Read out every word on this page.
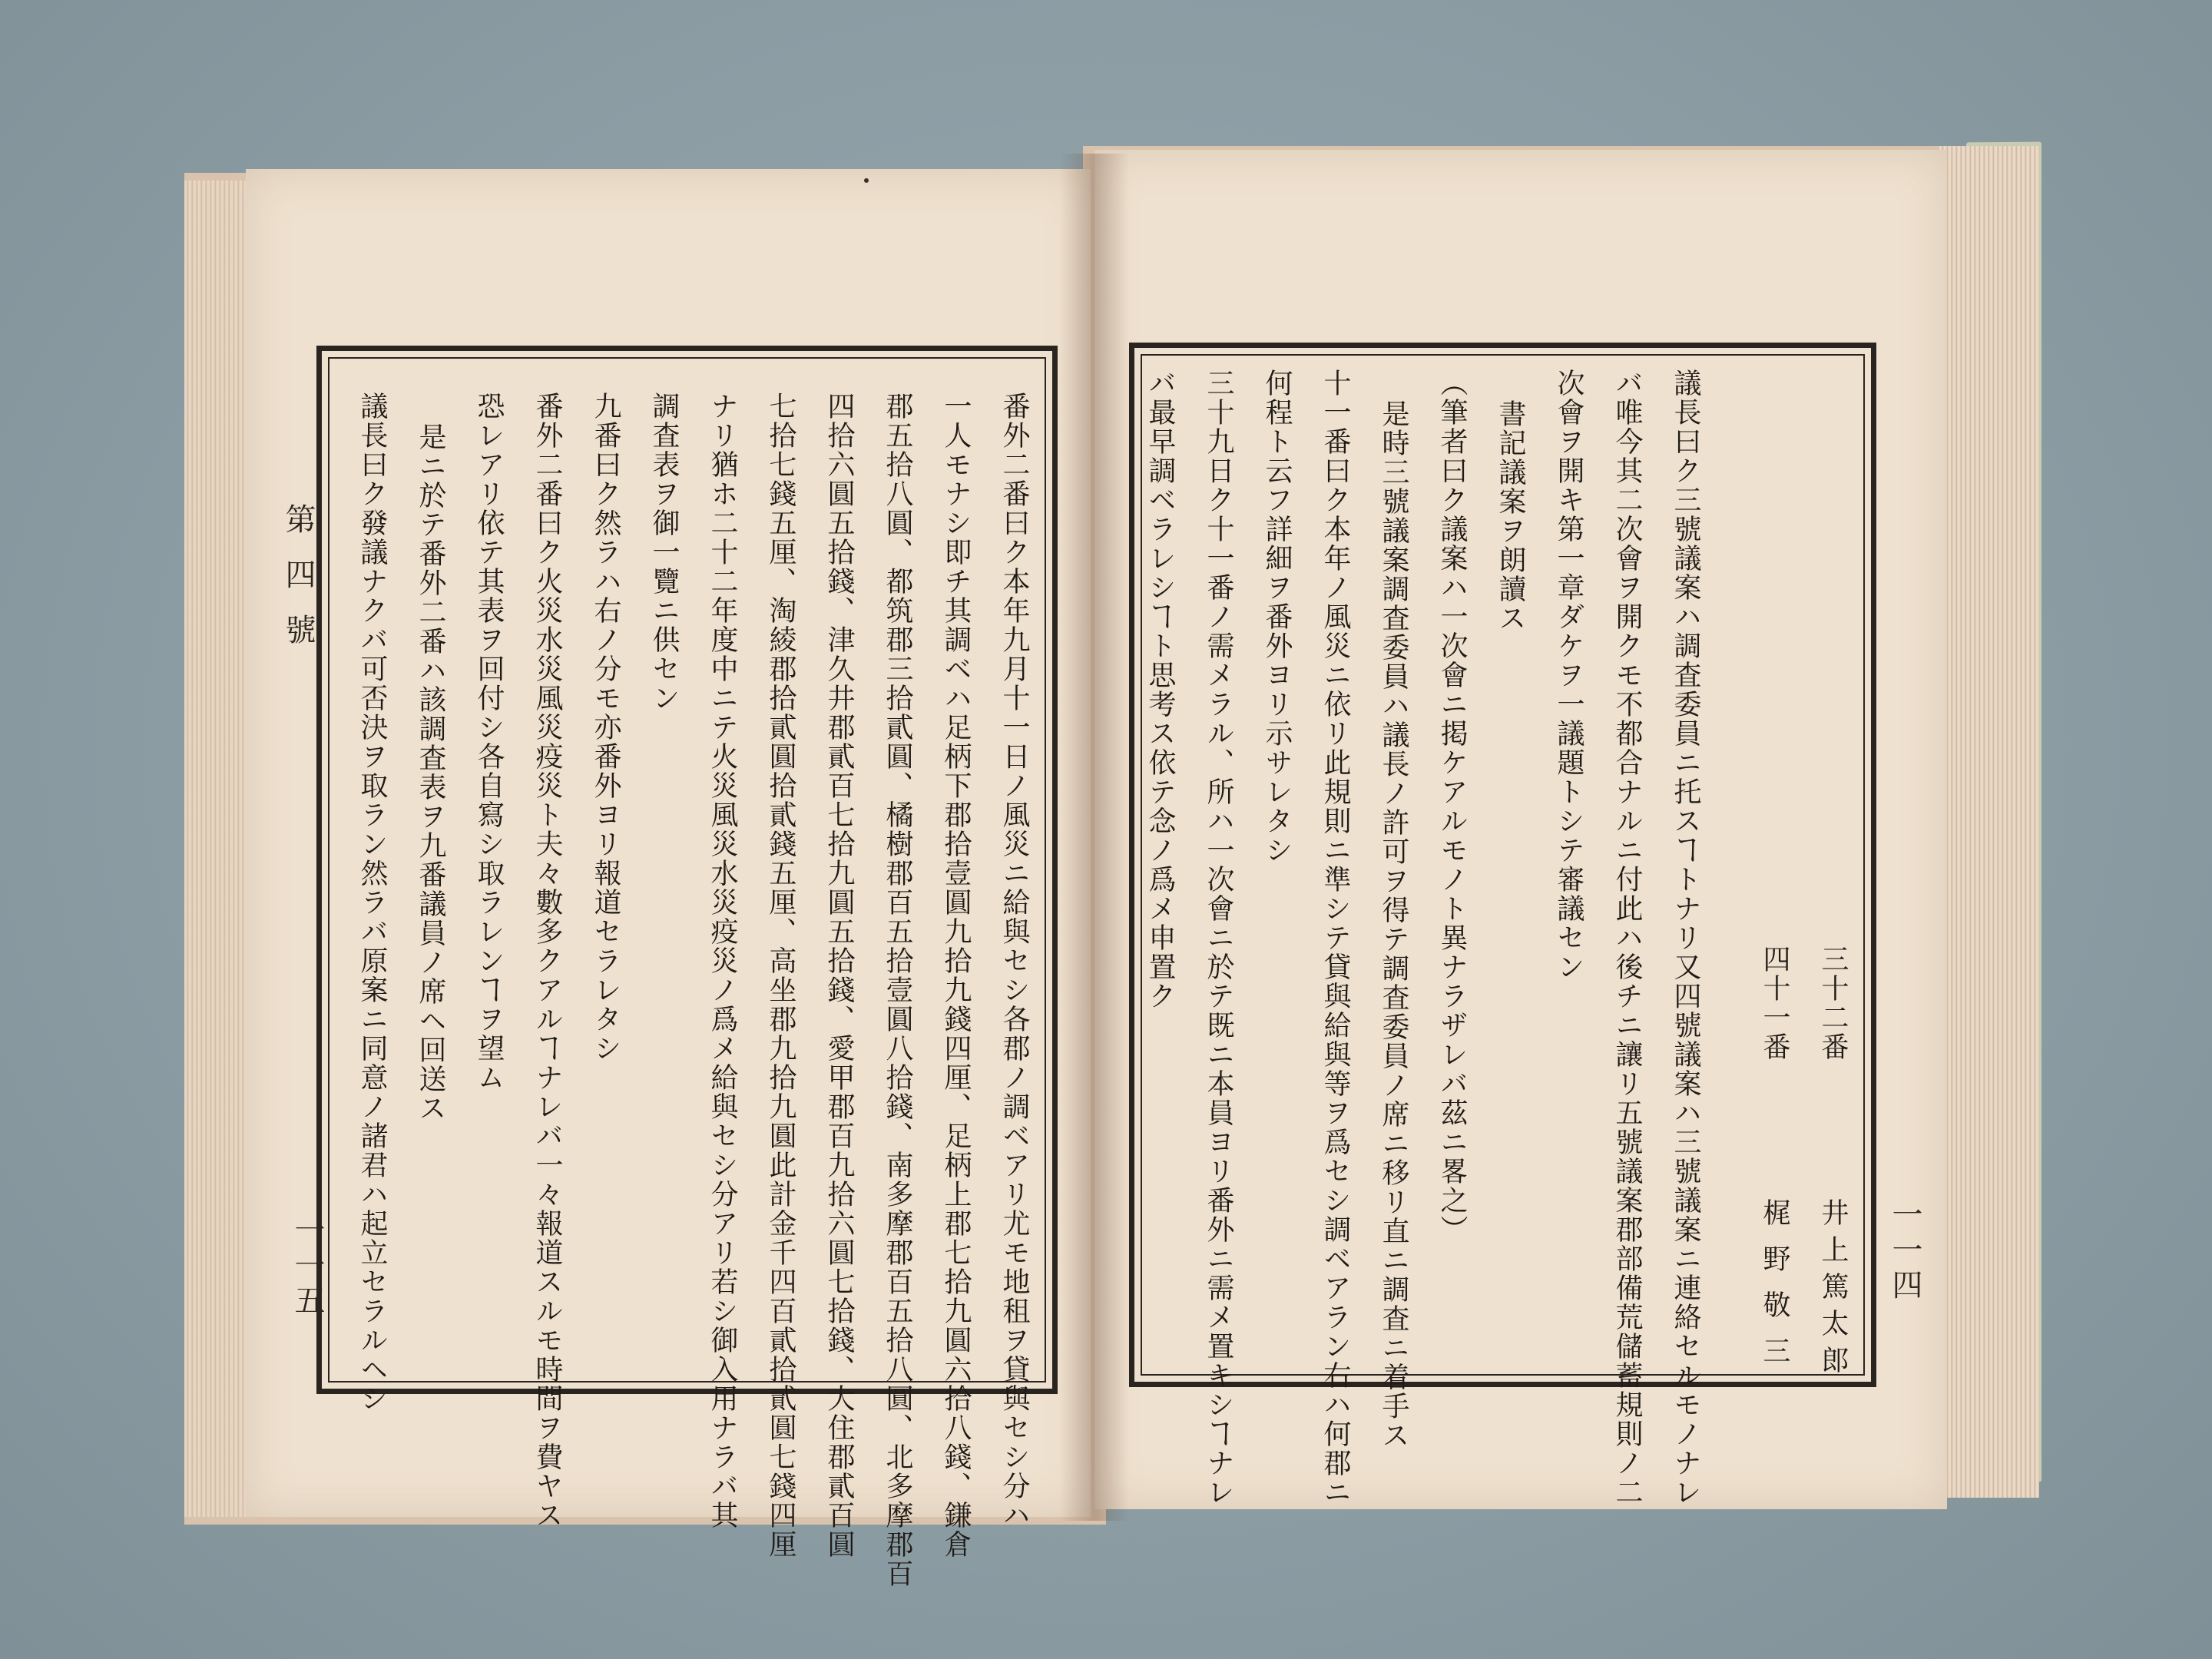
第四號
一一五	番外二番曰ク本年九月十一日ノ風災ニ給與セシ各郡ノ調ベアリ尤モ地租ヲ貸與セシ分ハ
一人モナシ即チ其調ベハ足柄下郡拾壹圓九拾九錢四厘、足柄上郡七拾九圓六拾八錢、鎌倉
郡五拾八圓、都筑郡三拾貳圓、橘樹郡百五拾壹圓八拾錢、南多摩郡百五拾八圓、北多摩郡百
四拾六圓五拾錢、津久井郡貳百七拾九圓五拾錢、愛甲郡百九拾六圓七拾錢、大住郡貳百圓
七拾七錢五厘、淘綾郡拾貳圓拾貳錢五厘、高坐郡九拾九圓此計金千四百貳拾貳圓七錢四厘
ナリ猶ホ二十二年度中ニテ火災風災水災疫災ノ爲メ給與セシ分アリ若シ御入用ナラバ其
調査表ヲ御一覽ニ供セン
九番曰ク然ラハ右ノ分モ亦番外ヨリ報道セラレタシ
番外二番曰ク火災水災風災疫災ト夫々數多クアルヿナレバ一々報道スルモ時間ヲ費ヤス
恐レアリ依テ其表ヲ回付シ各自寫シ取ラレンヿヲ望ム
是ニ於テ番外二番ハ該調査表ヲ九番議員ノ席ヘ回送ス
議長曰ク發議ナクバ可否決ヲ取ラン然ラバ原案ニ同意ノ諸君ハ起立セラルヘシ	一一四
三十二番
井上篤太郎
四十一番
梶野敬三
議長曰ク三號議案ハ調査委員ニ托スヿトナリ又四號議案ハ三號議案ニ連絡セルモノナレ
バ唯今其二次會ヲ開クモ不都合ナルニ付此ハ後チニ讓リ五號議案郡部備荒儲蓄規則ノ二
次會ヲ開キ第一章ダケヲ一議題トシテ審議セン
書記議案ヲ朗讀ス
（筆者曰ク議案ハ一次會ニ掲ケアルモノト異ナラザレバ茲ニ畧之）
是時三號議案調査委員ハ議長ノ許可ヲ得テ調査委員ノ席ニ移リ直ニ調査ニ着手ス
十一番曰ク本年ノ風災ニ依リ此規則ニ準シテ貸與給與等ヲ爲セシ調ベアラン右ハ何郡ニ
何程ト云フ詳細ヲ番外ヨリ示サレタシ
三十九日ク十一番ノ需メラル、所ハ一次會ニ於テ既ニ本員ヨリ番外ニ需メ置キシヿナレ
バ最早調ベラレシヿト思考ス依テ念ノ爲メ申置ク
